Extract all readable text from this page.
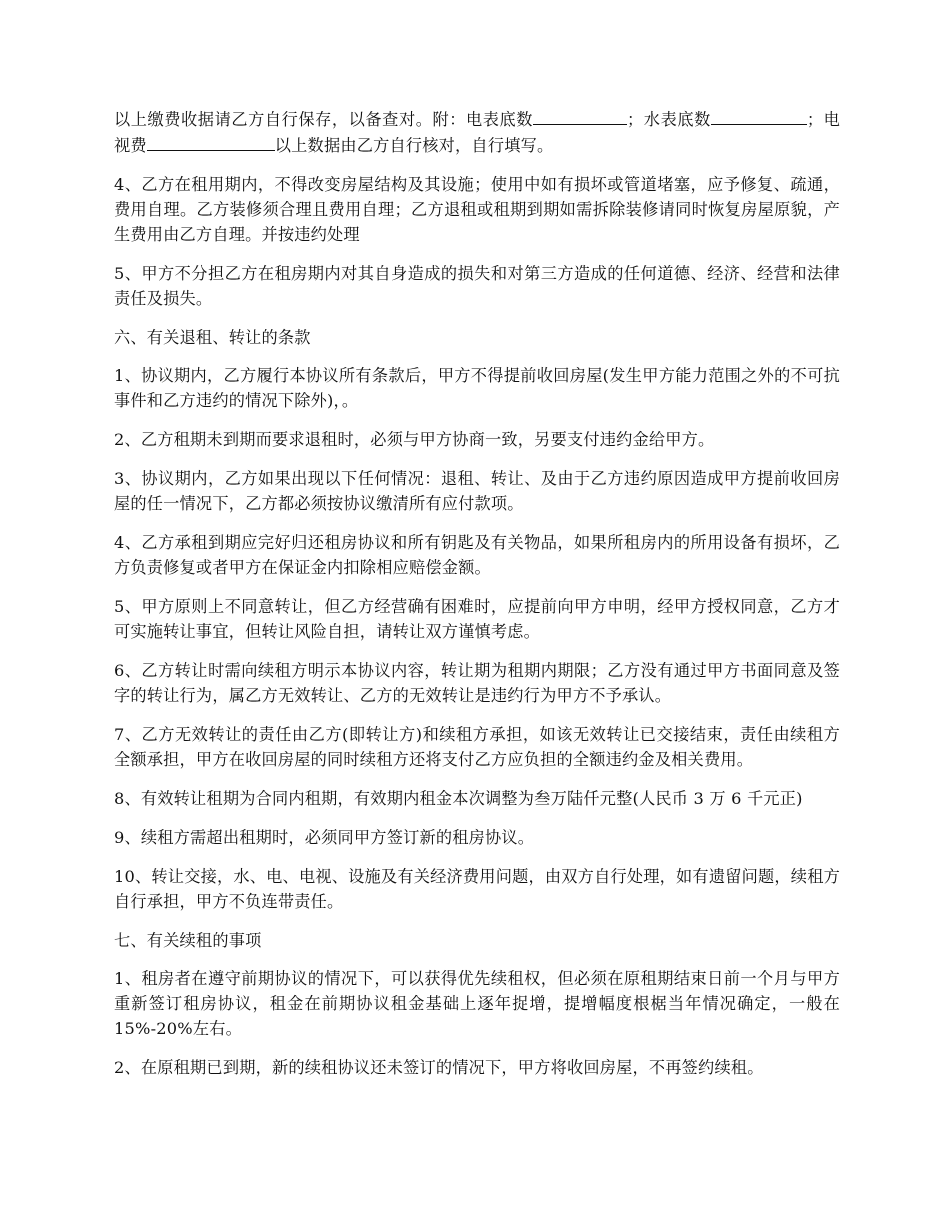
以上缴费收据请乙方自行保存，以备查对。附：电表底数	；水表底数	；电视费	以上数据由乙方自行核对，自行填写。

4、乙方在租用期内，不得改变房屋结构及其设施；使用中如有损坏或管道堵塞，应予修复、疏通，费用自理。乙方装修须合理且费用自理；乙方退租或租期到期如需拆除装修请同时恢复房屋原貌，产生费用由乙方自理。并按违约处理

5、甲方不分担乙方在租房期内对其自身造成的损失和对第三方造成的任何道德、经济、经营和法律责任及损失。

六、有关退租、转让的条款

1、协议期内，乙方履行本协议所有条款后，甲方不得提前收回房屋(发生甲方能力范围之外的不可抗事件和乙方违约的情况下除外)，。

2、乙方租期未到期而要求退租时，必须与甲方协商一致，另要支付违约金给甲方。

3、协议期内，乙方如果出现以下任何情况：退租、转让、及由于乙方违约原因造成甲方提前收回房屋的任一情况下，乙方都必须按协议缴清所有应付款项。

4、乙方承租到期应完好归还租房协议和所有钥匙及有关物品，如果所租房内的所用设备有损坏，乙方负责修复或者甲方在保证金内扣除相应赔偿金额。

5、甲方原则上不同意转让，但乙方经营确有困难时，应提前向甲方申明，经甲方授权同意，乙方才可实施转让事宜，但转让风险自担，请转让双方谨慎考虑。

6、乙方转让时需向续租方明示本协议内容，转让期为租期内期限；乙方没有通过甲方书面同意及签字的转让行为，属乙方无效转让、乙方的无效转让是违约行为甲方不予承认。

7、乙方无效转让的责任由乙方(即转让方)和续租方承担，如该无效转让已交接结束，责任由续租方全额承担，甲方在收回房屋的同时续租方还将支付乙方应负担的全额违约金及相关费用。

8、有效转让租期为合同内租期，有效期内租金本次调整为叁万陆仟元整(人民币 3 万 6 千元正)

9、续租方需超出租期时，必须同甲方签订新的租房协议。

10、转让交接，水、电、电视、设施及有关经济费用问题，由双方自行处理，如有遗留问题，续租方自行承担，甲方不负连带责任。

七、有关续租的事项

1、租房者在遵守前期协议的情况下，可以获得优先续租权，但必须在原租期结束日前一个月与甲方重新签订租房协议，租金在前期协议租金基础上逐年捉增，提增幅度根椐当年情况确定，一般在 15%-20%左右。

2、在原租期已到期，新的续租协议还未签订的情况下，甲方将收回房屋，不再签约续租。
